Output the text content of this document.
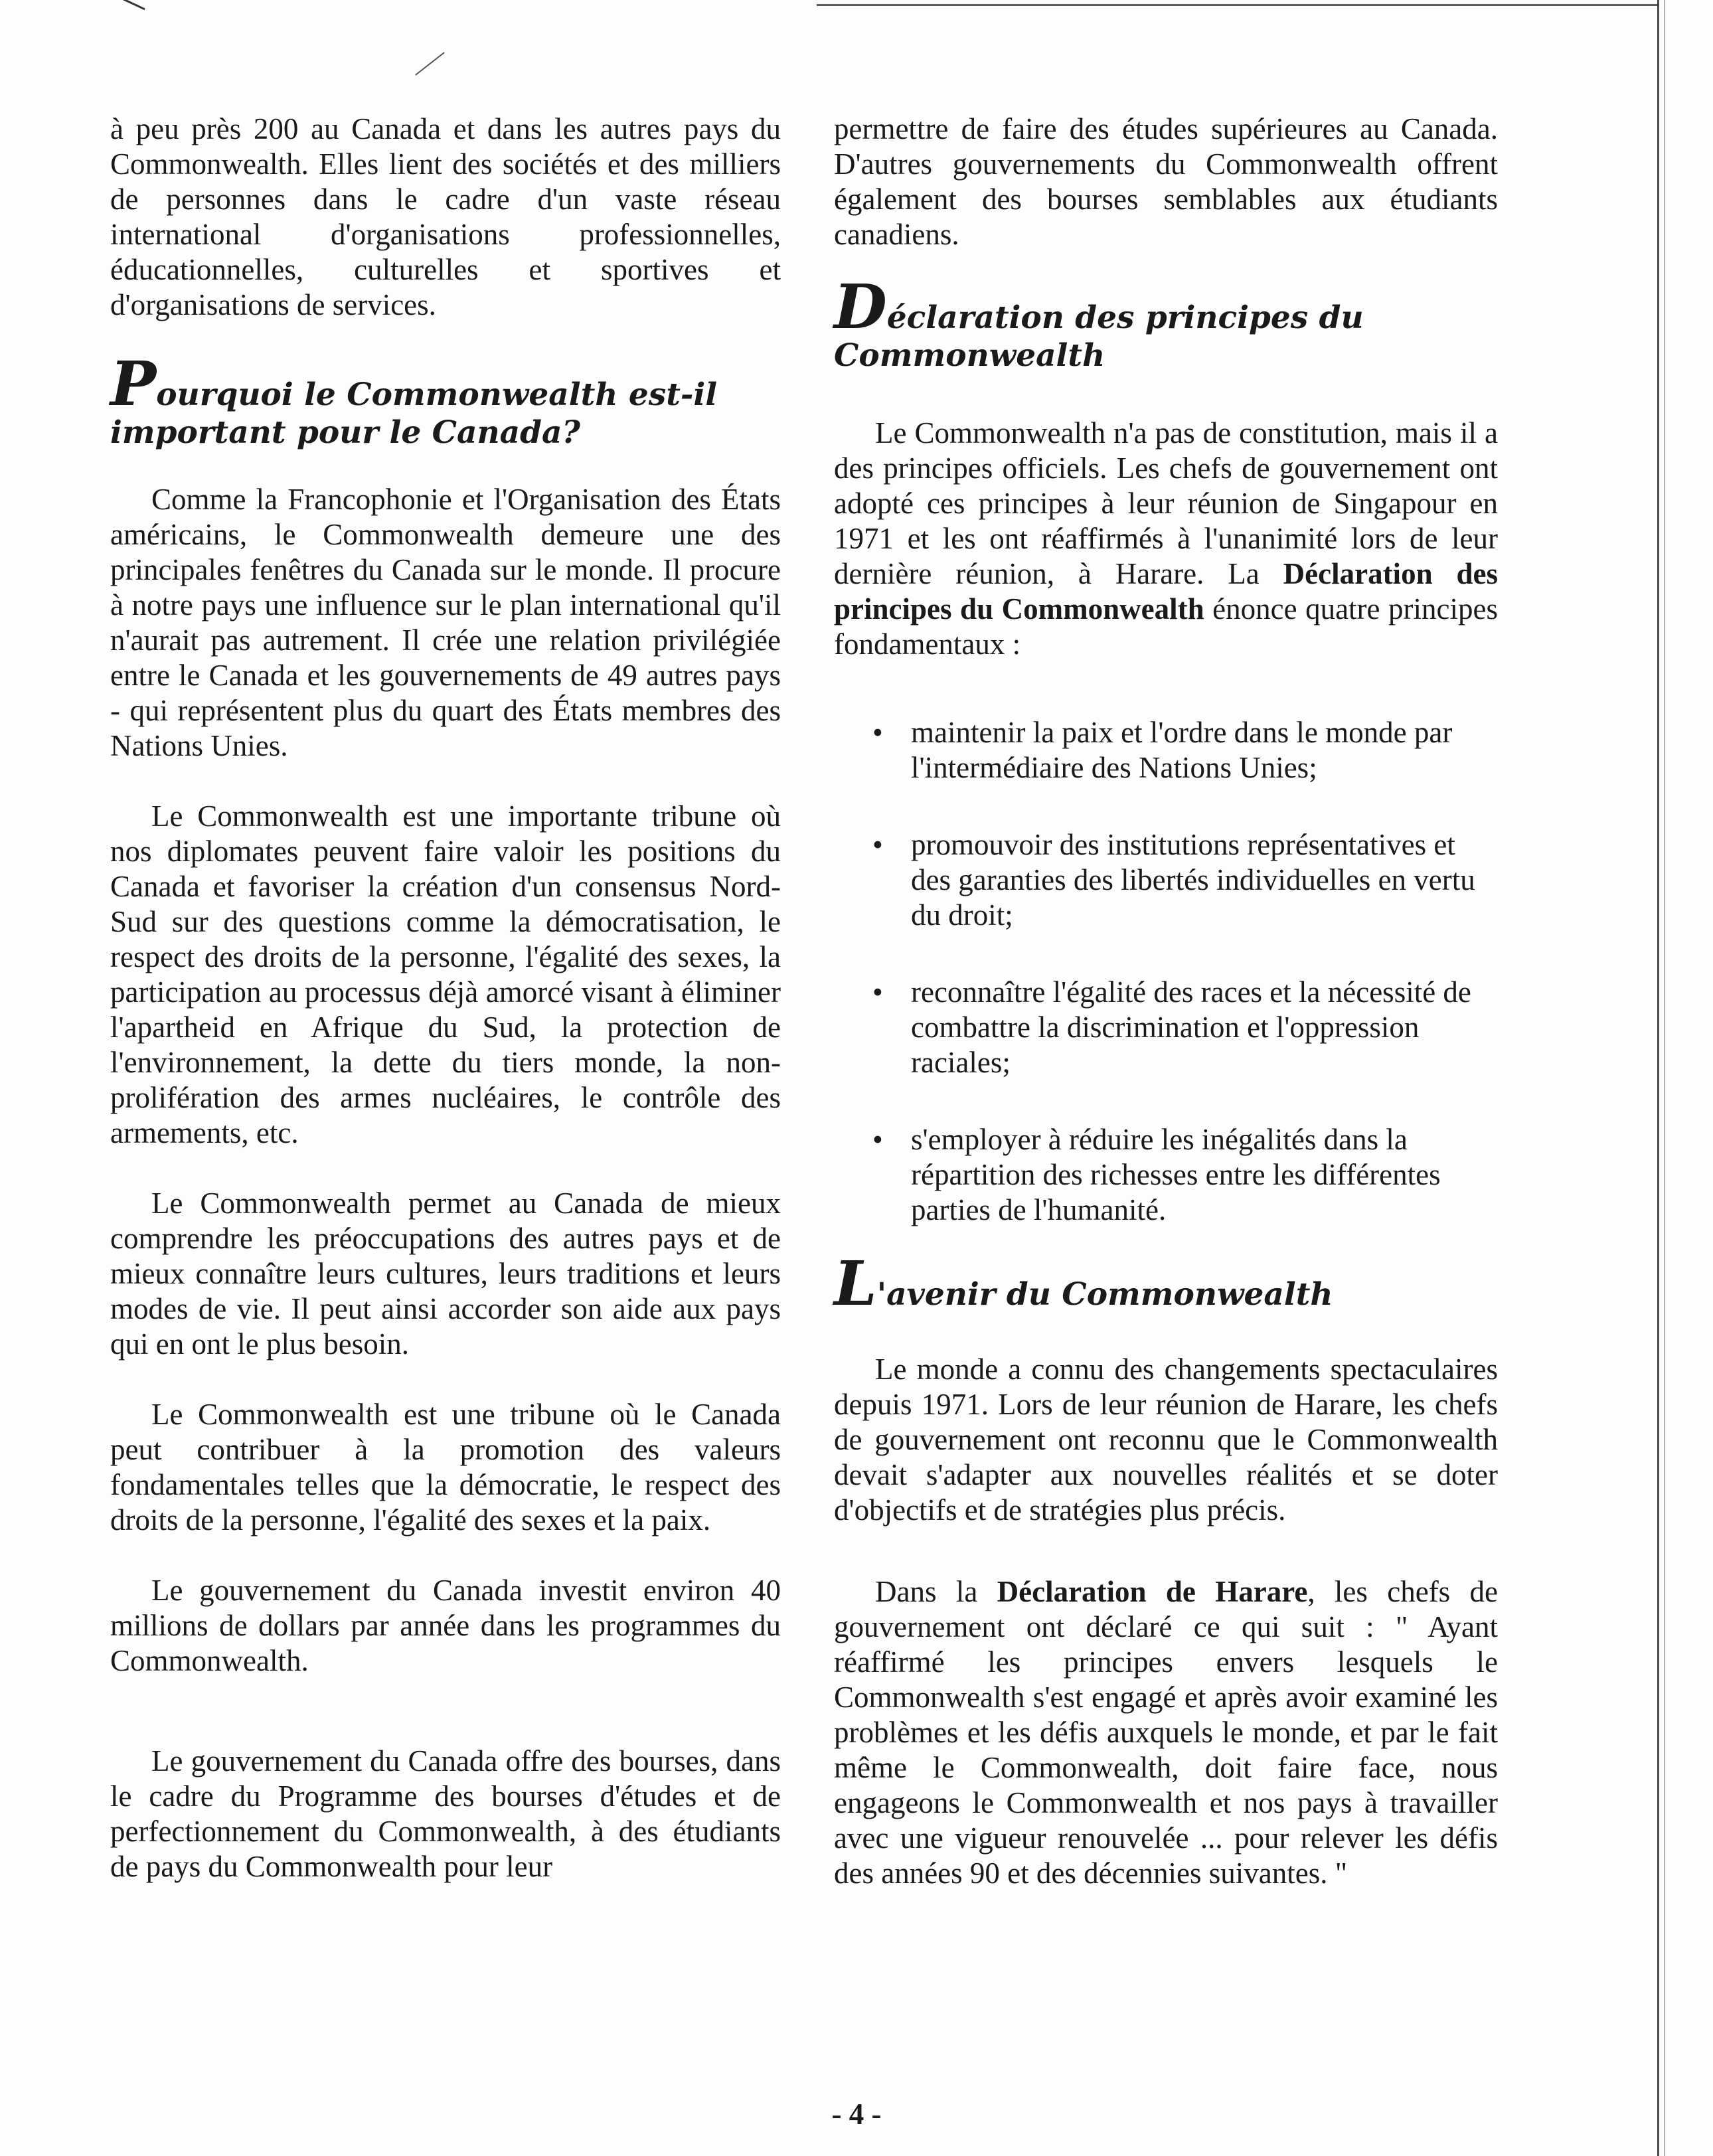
à peu près 200 au Canada et dans les autres pays du Commonwealth. Elles lient des sociétés et des milliers de personnes dans le cadre d'un vaste réseau international d'organisations professionnelles, éducationnelles, culturelles et sportives et d'organisations de services.

Pourquoi le Commonwealth est-il important pour le Canada?

Comme la Francophonie et l'Organisation des États américains, le Commonwealth demeure une des principales fenêtres du Canada sur le monde. Il procure à notre pays une influence sur le plan international qu'il n'aurait pas autrement. Il crée une relation privilégiée entre le Canada et les gouvernements de 49 autres pays - qui représentent plus du quart des États membres des Nations Unies.

Le Commonwealth est une importante tribune où nos diplomates peuvent faire valoir les positions du Canada et favoriser la création d'un consensus Nord-Sud sur des questions comme la démocratisation, le respect des droits de la personne, l'égalité des sexes, la participation au processus déjà amorcé visant à éliminer l'apartheid en Afrique du Sud, la protection de l'environnement, la dette du tiers monde, la non-prolifération des armes nucléaires, le contrôle des armements, etc.

Le Commonwealth permet au Canada de mieux comprendre les préoccupations des autres pays et de mieux connaître leurs cultures, leurs traditions et leurs modes de vie. Il peut ainsi accorder son aide aux pays qui en ont le plus besoin.

Le Commonwealth est une tribune où le Canada peut contribuer à la promotion des valeurs fondamentales telles que la démocratie, le respect des droits de la personne, l'égalité des sexes et la paix.

Le gouvernement du Canada investit environ 40 millions de dollars par année dans les programmes du Commonwealth.

Le gouvernement du Canada offre des bourses, dans le cadre du Programme des bourses d'études et de perfectionnement du Commonwealth, à des étudiants de pays du Commonwealth pour leur

permettre de faire des études supérieures au Canada. D'autres gouvernements du Commonwealth offrent également des bourses semblables aux étudiants canadiens.

Déclaration des principes du Commonwealth

Le Commonwealth n'a pas de constitution, mais il a des principes officiels. Les chefs de gouvernement ont adopté ces principes à leur réunion de Singapour en 1971 et les ont réaffirmés à l'unanimité lors de leur dernière réunion, à Harare. La Déclaration des principes du Commonwealth énonce quatre principes fondamentaux :

• maintenir la paix et l'ordre dans le monde par l'intermédiaire des Nations Unies;
• promouvoir des institutions représentatives et des garanties des libertés individuelles en vertu du droit;
• reconnaître l'égalité des races et la nécessité de combattre la discrimination et l'oppression raciales;
• s'employer à réduire les inégalités dans la répartition des richesses entre les différentes parties de l'humanité.
L'avenir du Commonwealth

Le monde a connu des changements spectaculaires depuis 1971. Lors de leur réunion de Harare, les chefs de gouvernement ont reconnu que le Commonwealth devait s'adapter aux nouvelles réalités et se doter d'objectifs et de stratégies plus précis.

Dans la Déclaration de Harare, les chefs de gouvernement ont déclaré ce qui suit : " Ayant réaffirmé les principes envers lesquels le Commonwealth s'est engagé et après avoir examiné les problèmes et les défis auxquels le monde, et par le fait même le Commonwealth, doit faire face, nous engageons le Commonwealth et nos pays à travailler avec une vigueur renouvelée ... pour relever les défis des années 90 et des décennies suivantes. "

- 4 -
